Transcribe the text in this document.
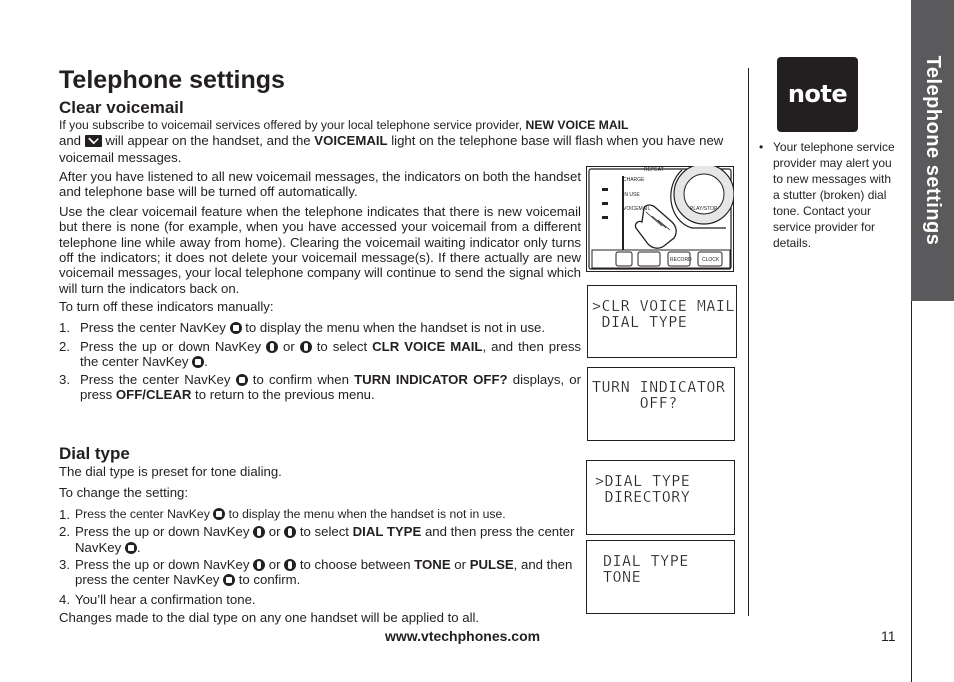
Telephone settings
Clear voicemail

If you subscribe to voicemail services offered by your local telephone service provider, NEW VOICE MAIL
and  will appear on the handset, and the VOICEMAIL light on the telephone base will flash when you have new voicemail messages.

After you have listened to all new voicemail messages, the indicators on both the handset and telephone base will be turned off automatically.

Use the clear voicemail feature when the telephone indicates that there is new voicemail but there is none (for example, when you have accessed your voicemail from a different telephone line while away from home). Clearing the voicemail waiting indicator only turns off the indicators; it does not delete your voicemail message(s). If there actually are new voicemail messages, your local telephone company will continue to send the signal which will turn the indicators back on.

To turn off these indicators manually:

1. Press the center NavKey  to display the menu when the handset is not in use.

2. Press the up or down NavKey  or  to select CLR VOICE MAIL, and then press the center NavKey .

3. Press the center NavKey  to confirm when TURN INDICATOR OFF? displays, or press OFF/CLEAR to return to the previous menu.

Dial type

The dial type is preset for tone dialing.

To change the setting:

1. Press the center NavKey  to display the menu when the handset is not in use.

2. Press the up or down NavKey  or  to select DIAL TYPE and then press the center NavKey .

3. Press the up or down NavKey  or  to choose between TONE or PULSE, and then press the center NavKey  to confirm.

4. You’ll hear a confirmation tone.

Changes made to the dial type on any one handset will be applied to all.

REPEAT
CHARGE
IN USE
VOICEMAIL	PLAY/STOP
RECORD CLOCK

>CLR VOICE MAIL

DIAL TYPE

TURN INDICATOR

OFF?

>DIAL TYPE

DIRECTORY

DIAL TYPE

TONE

note
• Your telephone service provider may alert you to new messages with a stutter (broken) dial tone. Contact your service provider for details.	Telephone settings
www.vtechphones.com	11
